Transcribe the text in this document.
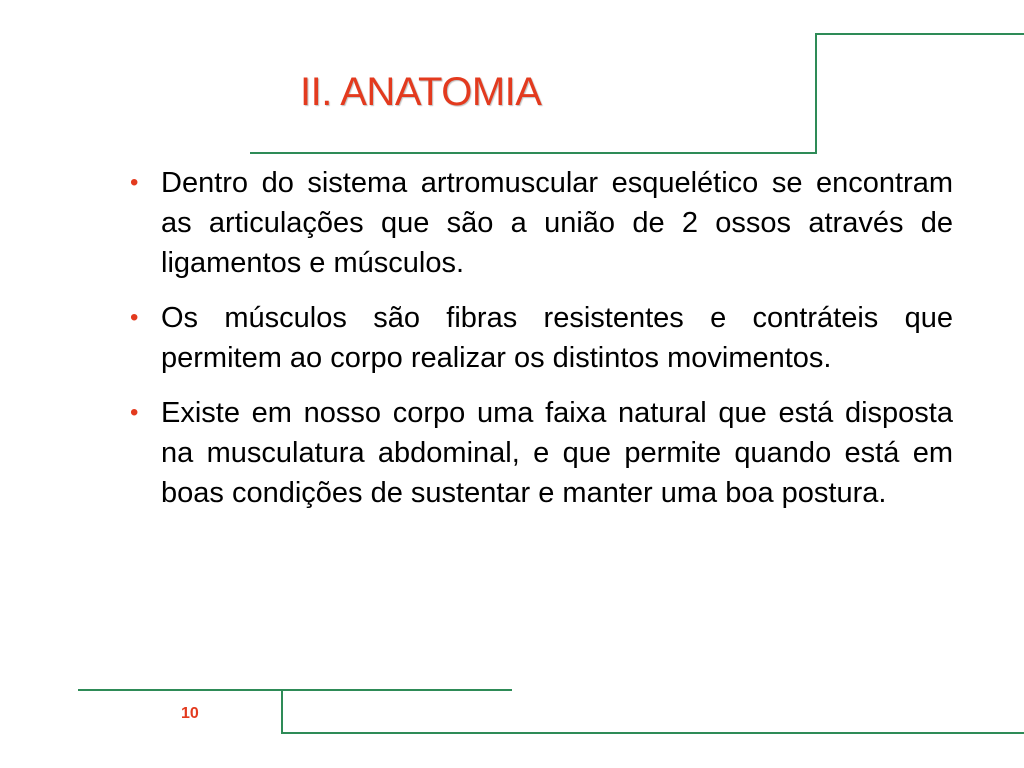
II. ANATOMIA
• Dentro do sistema artromuscular esquelético se encontram as articulações que são a união de 2 ossos através de ligamentos e músculos.
• Os músculos são fibras resistentes e contráteis que permitem ao corpo realizar os distintos movimentos.
• Existe em nosso corpo uma faixa natural que está disposta na musculatura abdominal, e que permite quando está em boas condições de sustentar e manter uma boa postura.
10
